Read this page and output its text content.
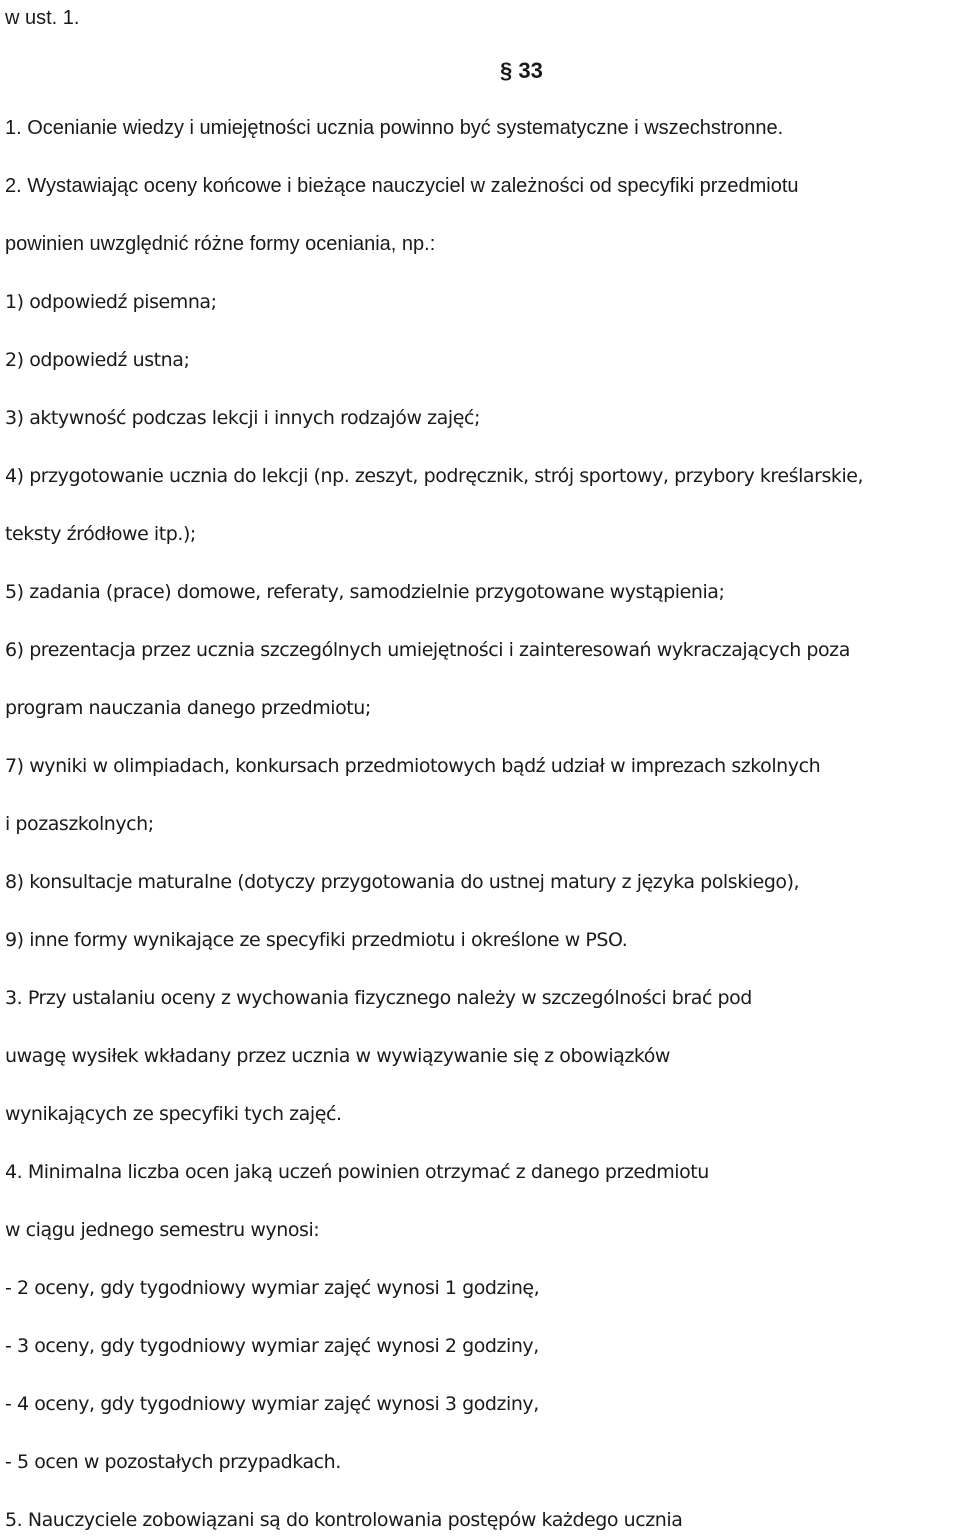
w ust. 1.
§ 33
1. Ocenianie wiedzy i umiejętności ucznia powinno być systematyczne i wszechstronne.
2. Wystawiając oceny końcowe i bieżące nauczyciel w zależności od specyfiki przedmiotu
powinien uwzględnić różne formy oceniania, np.:
1) odpowiedź pisemna;
2) odpowiedź ustna;
3) aktywność podczas lekcji i innych rodzajów zajęć;
4) przygotowanie ucznia do lekcji (np. zeszyt, podręcznik, strój sportowy, przybory kreślarskie,
teksty źródłowe itp.);
5) zadania (prace) domowe, referaty, samodzielnie przygotowane wystąpienia;
6) prezentacja przez ucznia szczególnych umiejętności i zainteresowań wykraczających poza
program nauczania danego przedmiotu;
7) wyniki w olimpiadach, konkursach przedmiotowych bądź udział w imprezach szkolnych
i pozaszkolnych;
8) konsultacje maturalne (dotyczy przygotowania do ustnej matury z języka polskiego),
9) inne formy wynikające ze specyfiki przedmiotu i określone w PSO.
3. Przy ustalaniu oceny z wychowania fizycznego należy w szczególności brać pod
uwagę wysiłek wkładany przez ucznia w wywiązywanie się z obowiązków
wynikających ze specyfiki tych zajęć.
4. Minimalna liczba ocen jaką uczeń powinien otrzymać z danego przedmiotu
w ciągu jednego semestru wynosi:
- 2 oceny, gdy tygodniowy wymiar zajęć wynosi 1 godzinę,
- 3 oceny, gdy tygodniowy wymiar zajęć wynosi 2 godziny,
- 4 oceny, gdy tygodniowy wymiar zajęć wynosi 3 godziny,
- 5 ocen w pozostałych przypadkach.
5. Nauczyciele zobowiązani są do kontrolowania postępów każdego ucznia
